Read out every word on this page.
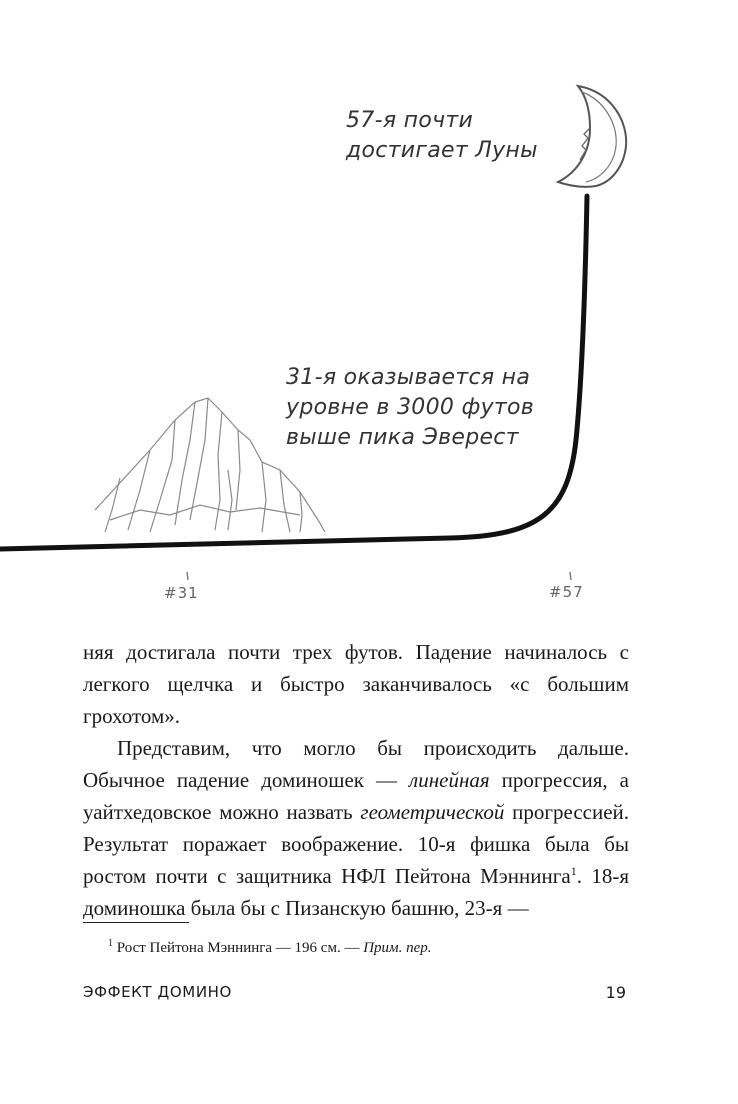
57-я почти
достигает Луны
31-я оказывается на
уровне в 3000 футов
выше пика Эверест
#31	#57

няя достигала почти трех футов. Падение начиналось с легкого щелчка и быстро заканчивалось «с большим грохотом».

Представим, что могло бы происходить дальше. Обычное падение доминошек — линейная прогрессия, а уайтхедовское можно назвать геометрической прогрессией. Результат поражает воображение. 10-я фишка была бы ростом почти с защитника НФЛ Пейтона Мэннинга$^1$. 18-я доминошка была бы с Пизанскую башню, 23-я —

$^1$ Рост Пейтона Мэннинга — 196 см. — Прим. пер.
ЭФФЕКТ ДОМИНО	19
